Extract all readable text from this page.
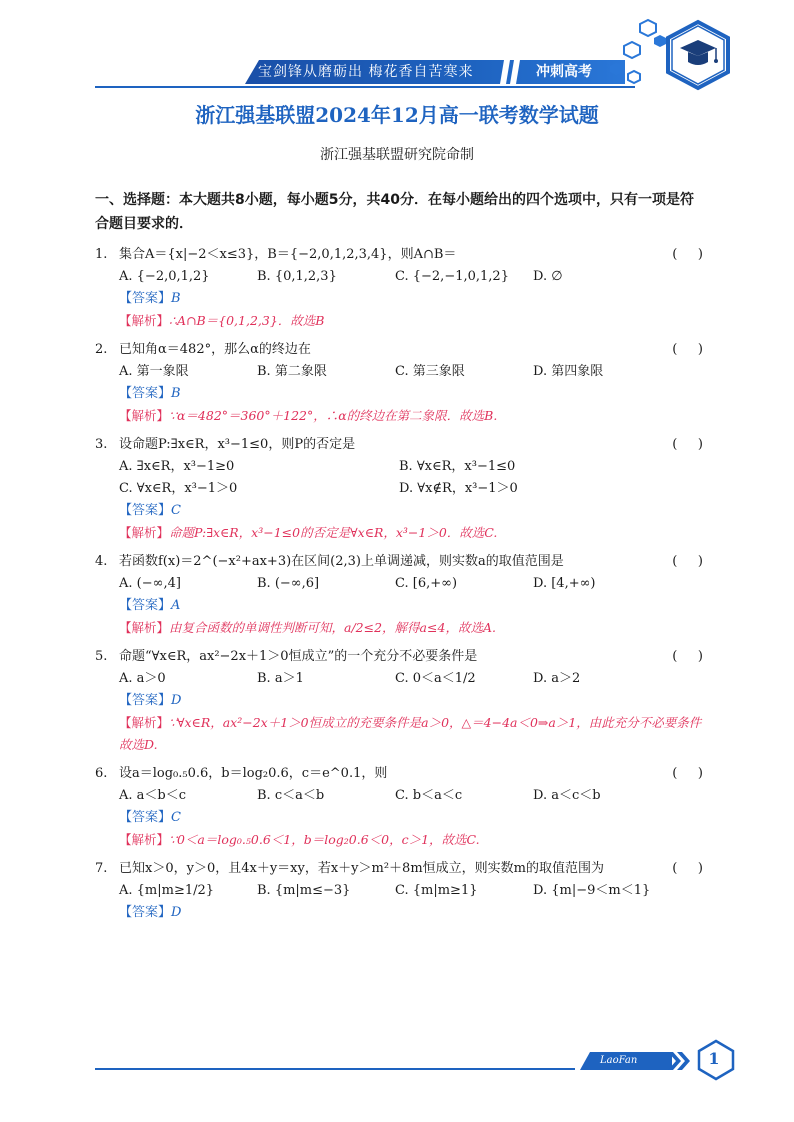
宝剑锋从磨砺出 梅花香自苦寒来	冲刺高考
浙江强基联盟2024年12月高一联考数学试题
浙江强基联盟研究院命制
一、选择题：本大题共8小题，每小题5分，共40分．在每小题给出的四个选项中，只有一项是符合题目要求的．
1. 集合A＝{x|−2＜x≤3}，B＝{−2,0,1,2,3,4}，则A∩B＝	(     )
A. {−2,0,1,2}	B. {0,1,2,3}	C. {−2,−1,0,1,2}	D. ∅
【答案】B
【解析】∴A∩B＝{0,1,2,3}．故选B
2. 已知角α＝482°，那么α的终边在	(     )
A. 第一象限	B. 第二象限	C. 第三象限	D. 第四象限
【答案】B
【解析】∵α＝482°＝360°＋122°，∴α的终边在第二象限．故选B.
3. 设命题P:∃x∈R，x³−1≤0，则P的否定是	(     )
A. ∃x∈R，x³−1≥0	B. ∀x∈R，x³−1≤0
C. ∀x∈R，x³−1＞0	D. ∀x∉R，x³−1＞0
【答案】C
【解析】命题P:∃x∈R，x³−1≤0的否定是∀x∈R，x³−1＞0．故选C.
4. 若函数f(x)＝2^(−x²+ax+3)在区间(2,3)上单调递减，则实数a的取值范围是	(     )
A. (−∞,4]	B. (−∞,6]	C. [6,+∞)	D. [4,+∞)
【答案】A
【解析】由复合函数的单调性判断可知，a/2≤2，解得a≤4，故选A.
5. 命题“∀x∈R，ax²−2x＋1＞0恒成立”的一个充分不必要条件是	(     )
A. a＞0	B. a＞1	C. 0＜a＜1/2	D. a＞2
【答案】D
【解析】∵∀x∈R，ax²−2x＋1＞0恒成立的充要条件是a＞0，△＝4−4a＜0⇒a＞1，由此充分不必要条件故选D.
6. 设a＝log₀.₅0.6，b＝log₂0.6，c＝e^0.1，则	(     )
A. a＜b＜c	B. c＜a＜b	C. b＜a＜c	D. a＜c＜b
【答案】C
【解析】∵0＜a＝log₀.₅0.6＜1，b＝log₂0.6＜0，c＞1，故选C.
7. 已知x＞0，y＞0，且4x＋y＝xy，若x＋y＞m²＋8m恒成立，则实数m的取值范围为	(     )
A. {m|m≥1/2}	B. {m|m≤−3}	C. {m|m≥1}	D. {m|−9＜m＜1}
【答案】D
LaoFan	1
